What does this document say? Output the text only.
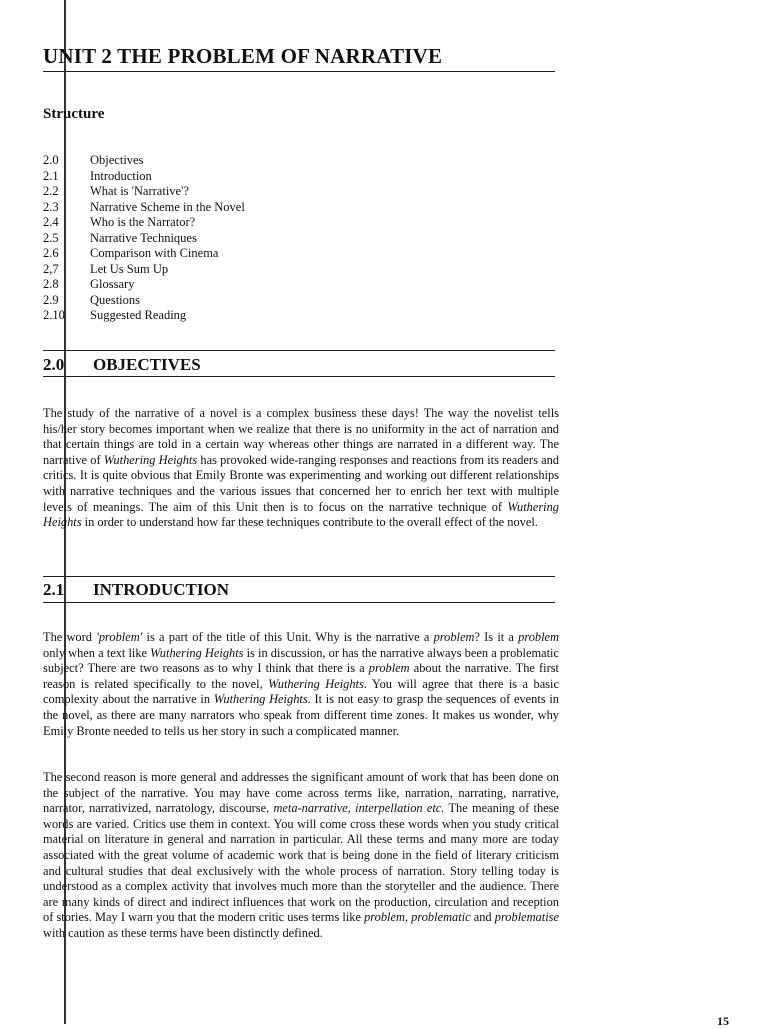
UNIT 2 THE PROBLEM OF NARRATIVE
Structure
2.0	Objectives
2.1	Introduction
2.2	What is 'Narrative'?
2.3	Narrative Scheme in the Novel
2.4	Who is the Narrator?
2.5	Narrative Techniques
2.6	Comparison with Cinema
2,7	Let Us Sum Up
2.8	Glossary
2.9	Questions
2.10	Suggested Reading
2.0	OBJECTIVES

The study of the narrative of a novel is a complex business these days! The way the novelist tells his/her story becomes important when we realize that there is no uniformity in the act of narration and that certain things are told in a certain way whereas other things are narrated in a different way. The narrative of Wuthering Heights has provoked wide-ranging responses and reactions from its readers and critics. It is quite obvious that Emily Bronte was experimenting and working out different relationships with narrative techniques and the various issues that concerned her to enrich her text with multiple levels of meanings. The aim of this Unit then is to focus on the narrative technique of Wuthering Heights in order to understand how far these techniques contribute to the overall effect of the novel.

2.1	INTRODUCTION

The word 'problem' is a part of the title of this Unit. Why is the narrative a problem? Is it a problem only when a text like Wuthering Heights is in discussion, or has the narrative always been a problematic subject? There are two reasons as to why I think that there is a problem about the narrative. The first reason is related specifically to the novel, Wuthering Heights. You will agree that there is a basic complexity about the narrative in Wuthering Heights. It is not easy to grasp the sequences of events in the novel, as there are many narrators who speak from different time zones. It makes us wonder, why Emily Bronte needed to tells us her story in such a complicated manner.

The second reason is more general and addresses the significant amount of work that has been done on the subject of the narrative. You may have come across terms like, narration, narrating, narrative, narrator, narrativized, narratology, discourse, meta-narrative, interpellation etc. The meaning of these words are varied. Critics use them in context. You will come cross these words when you study critical material on literature in general and narration in particular. All these terms and many more are today associated with the great volume of academic work that is being done in the field of literary criticism and cultural studies that deal exclusively with the whole process of narration. Story telling today is understood as a complex activity that involves much more than the storyteller and the audience. There are many kinds of direct and indirect influences that work on the production, circulation and reception of stories. May I warn you that the modern critic uses terms like problem, problematic and problematise with caution as these terms have been distinctly defined.

15
